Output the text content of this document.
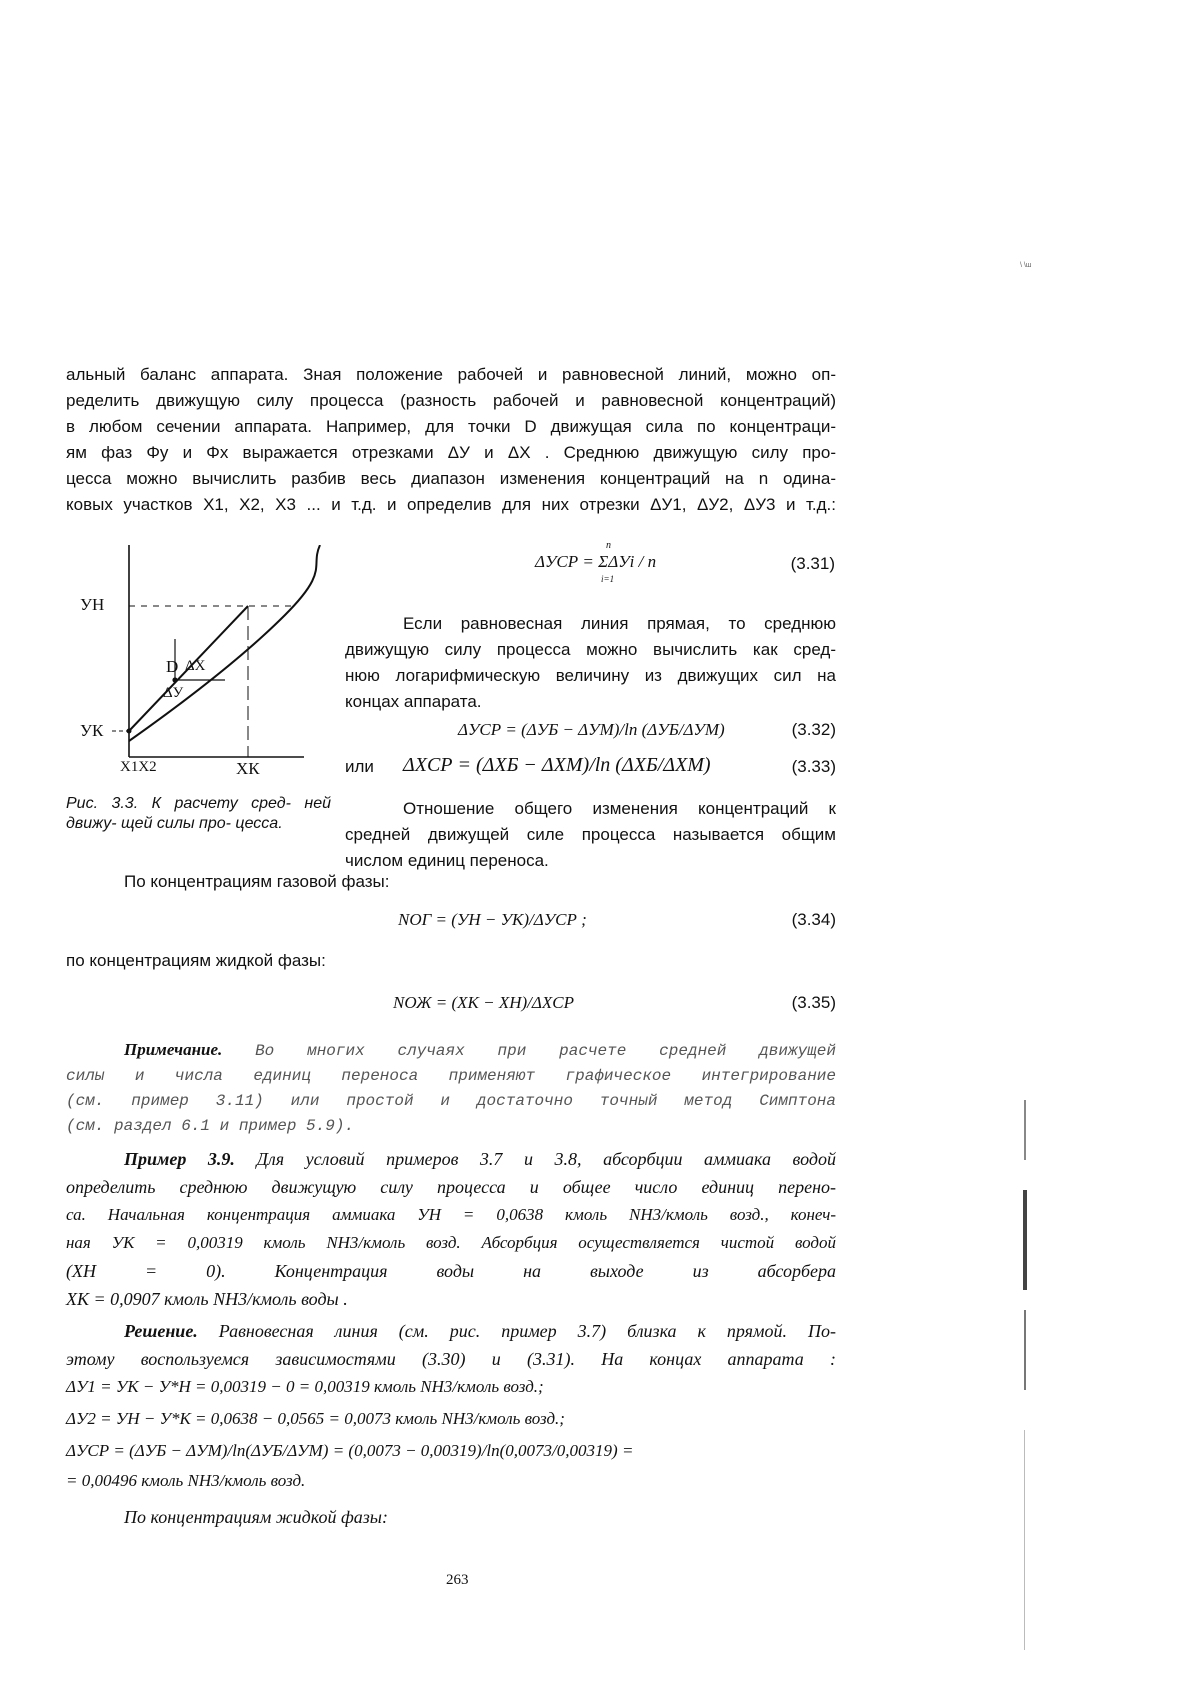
\ \ш
альный баланс аппарата. Зная положение рабочей и равновесной линий, можно оп-
ределить движущую силу процесса (разность рабочей и равновесной концентраций)
в любом сечении аппарата. Например, для точки D движущая сила по концентраци-
ям фаз Φy и Φx выражается отрезками ΔУ и ΔX . Среднюю движущую силу про-
цесса можно вычислить разбив весь диапазон изменения концентраций на n одина-
ковых участков X1, X2, X3 ... и т.д. и определив для них отрезки ΔУ1, ΔУ2, ΔУ3 и т.д.:
n
ΔУСР = ΣΔУi / n
i=1
(3.31)
Если равновесная линия прямая, то среднюю
движущую силу процесса можно вычислить как сред-
нюю логарифмическую величину из движущих сил на
концах аппарата.
ΔУСР = (ΔУБ − ΔУМ)/ln (ΔУБ/ΔУМ)	(3.32)
или ΔXСР = (ΔXБ − ΔXМ)/ln (ΔXБ/ΔXМ)	(3.33)
УН
УК
D ΔX
ΔУ
X1X2	XК
Рис. 3.3. К расчету сред- ней движу- щей силы про- цесса.
Отношение общего изменения концентраций к
средней движущей силе процесса называется общим
числом единиц переноса.
По концентрациям газовой фазы:
NОГ = (УН − УК)/ΔУСР ;	(3.34)
по концентрациям жидкой фазы:
NОЖ = (XК − XН)/ΔXСР	(3.35)
Примечание. Во многих случаях при расчете средней движущей
силы и числа единиц переноса применяют графическое интегрирование
(см. пример 3.11) или простой и достаточно точный метод Симптона
(см. раздел 6.1 и пример 5.9).
Пример 3.9. Для условий примеров 3.7 и 3.8, абсорбции аммиака водой
определить среднюю движущую силу процесса и общее число единиц перено-
са. Начальная концентрация аммиака УН = 0,0638 кмоль NH3/кмоль возд., конеч-
ная УК = 0,00319 кмоль NH3/кмоль возд. Абсорбция осуществляется чистой водой
(XН = 0). Концентрация воды на выходе из абсорбера
XК = 0,0907 кмоль NH3/кмоль воды .
Решение. Равновесная линия (см. рис. пример 3.7) близка к прямой. По-
этому воспользуемся зависимостями (3.30) и (3.31). На концах аппарата :
ΔУ1 = УК − У*Н = 0,00319 − 0 = 0,00319 кмоль NH3/кмоль возд.;
ΔУ2 = УН − У*К = 0,0638 − 0,0565 = 0,0073 кмоль NH3/кмоль возд.;
ΔУСР = (ΔУБ − ΔУМ)/ln(ΔУБ/ΔУМ) = (0,0073 − 0,00319)/ln(0,0073/0,00319) =
= 0,00496 кмоль NH3/кмоль возд.
По концентрациям жидкой фазы:
263
